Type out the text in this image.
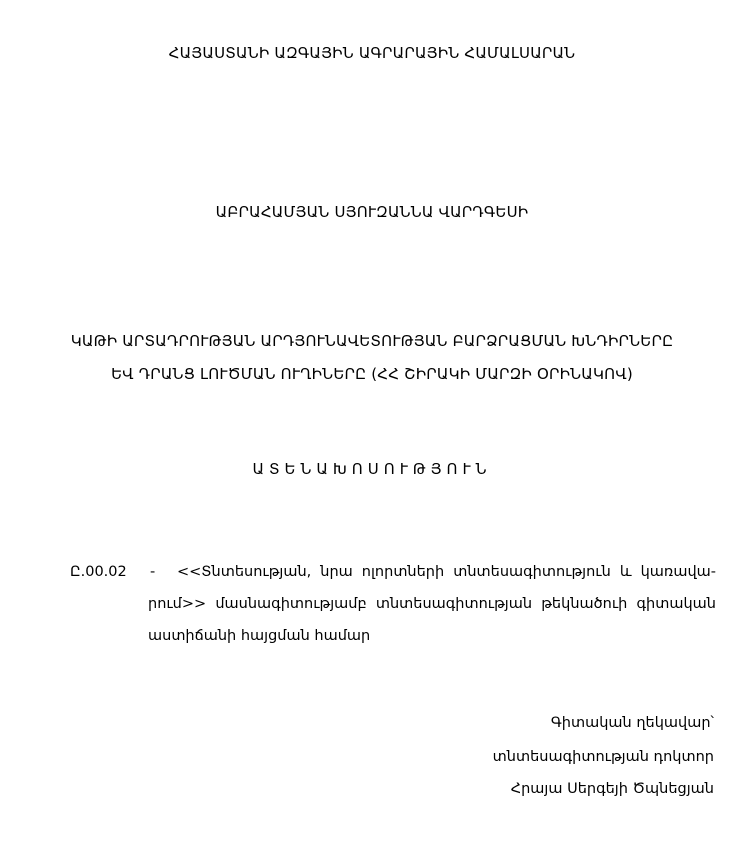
ՀԱՅԱՍՏԱՆԻ ԱԶԳԱՅԻՆ ԱԳՐԱՐԱՅԻՆ ՀԱՄԱԼՍԱՐԱՆ
ԱԲՐԱՀԱՄՅԱՆ ՍՅՈՒԶԱՆՆԱ ՎԱՐԴԳԵՍԻ
ԿԱԹԻ ԱՐՏԱԴՐՈՒԹՅԱՆ ԱՐԴՅՈՒՆԱՎԵՏՈՒԹՅԱՆ ԲԱՐՁՐԱՑՄԱՆ ԽՆԴԻՐՆԵՐԸ
ԵՎ ԴՐԱՆՑ ԼՈՒԾՄԱՆ ՈՒՂԻՆԵՐԸ (ՀՀ ՇԻՐԱԿԻ ՄԱՐԶԻ ՕՐԻՆԱԿՈՎ)
ԱՏԵՆԱԽՈՍՈՒԹՅՈՒՆ
Ը.00.02 - <<Տնտեսության, նրա ոլորտների տնտեսագիտություն և կառավա-
րում>> մասնագիտությամբ տնտեսագիտության թեկնածուի գիտական
աստիճանի հայցման համար
Գիտական ղեկավար՝
տնտեսագիտության դոկտոր
Հրայա Սերգեյի Ծպնեցյան
